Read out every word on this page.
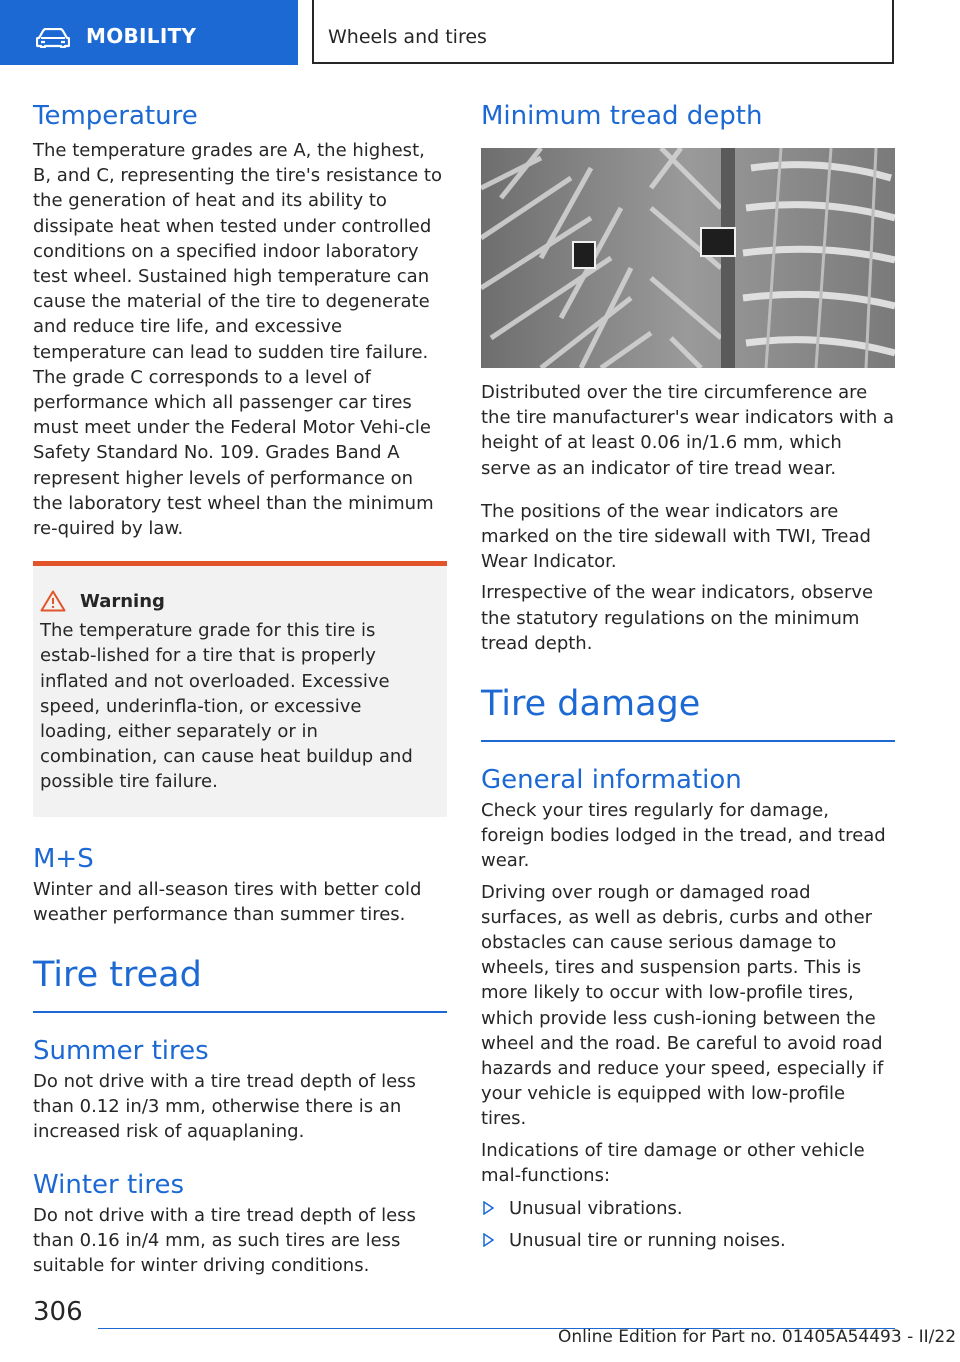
MOBILITY	Wheels and tires
Temperature

The temperature grades are A, the highest, B, and C, representing the tire's resistance to the generation of heat and its ability to dissipate heat when tested under controlled conditions on a specified indoor laboratory test wheel. Sustained high temperature can cause the material of the tire to degenerate and reduce tire life, and excessive temperature can lead to sudden tire failure. The grade C corresponds to a level of performance which all passenger car tires must meet under the Federal Motor Vehi-cle Safety Standard No. 109. Grades Band A represent higher levels of performance on the laboratory test wheel than the minimum re-quired by law.

Warning

The temperature grade for this tire is estab-lished for a tire that is properly inflated and not overloaded. Excessive speed, underinfla-tion, or excessive loading, either separately or in combination, can cause heat buildup and possible tire failure.

M+S

Winter and all-season tires with better cold weather performance than summer tires.

Tire tread
Summer tires

Do not drive with a tire tread depth of less than 0.12 in/3 mm, otherwise there is an increased risk of aquaplaning.

Winter tires

Do not drive with a tire tread depth of less than 0.16 in/4 mm, as such tires are less suitable for winter driving conditions.

Minimum tread depth

Distributed over the tire circumference are the tire manufacturer's wear indicators with a height of at least 0.06 in/1.6 mm, which serve as an indicator of tire tread wear.

The positions of the wear indicators are marked on the tire sidewall with TWI, Tread Wear Indicator.

Irrespective of the wear indicators, observe the statutory regulations on the minimum tread depth.

Tire damage
General information

Check your tires regularly for damage, foreign bodies lodged in the tread, and tread wear.

Driving over rough or damaged road surfaces, as well as debris, curbs and other obstacles can cause serious damage to wheels, tires and suspension parts. This is more likely to occur with low-profile tires, which provide less cush-ioning between the wheel and the road. Be careful to avoid road hazards and reduce your speed, especially if your vehicle is equipped with low-profile tires.

Indications of tire damage or other vehicle mal-functions:

Unusual vibrations.
Unusual tire or running noises.
306
Online Edition for Part no. 01405A54493 - II/22
